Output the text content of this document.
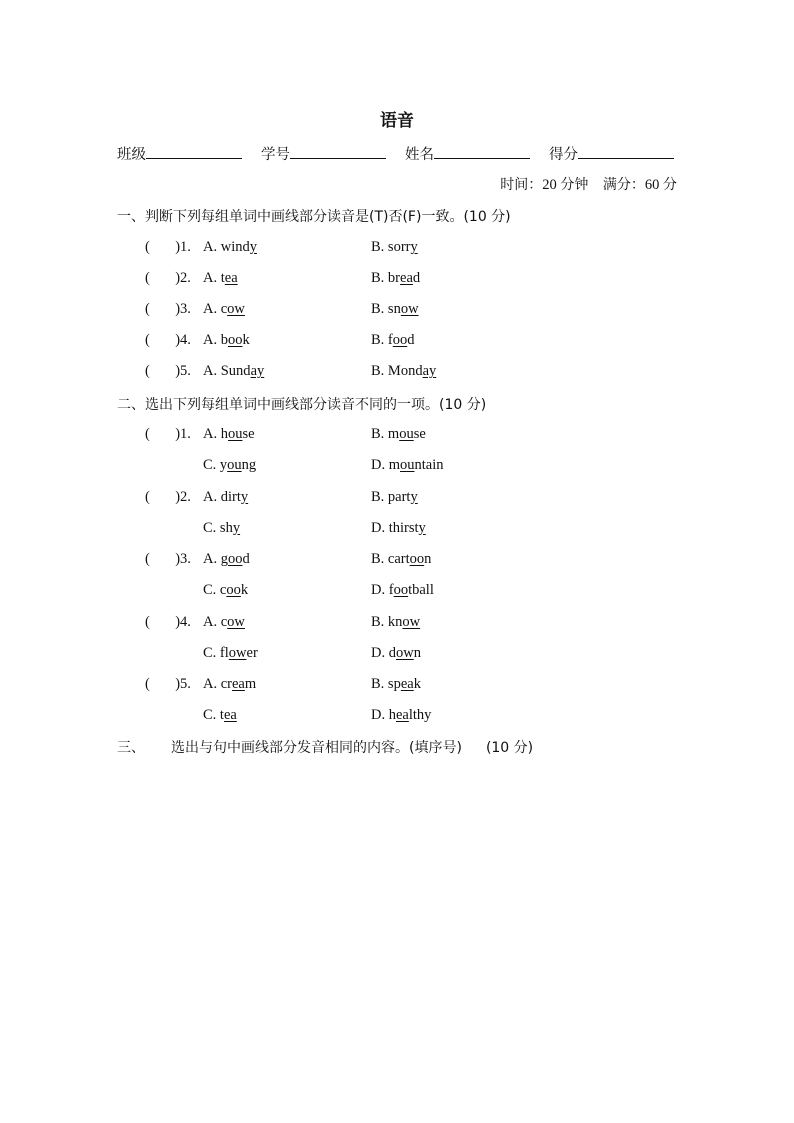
语音
班级	学号	姓名	得分
时间：20 分钟 满分：60 分
一、判断下列每组单词中画线部分读音是(T)否(F)一致。(10 分)
(       )1. A. windy	B. sorry
(       )2. A. tea	B. bread
(       )3. A. cow	B. snow
(       )4. A. book	B. food
(       )5. A. Sunday	B. Monday
二、选出下列每组单词中画线部分读音不同的一项。(10 分)
(       )1. A. house	B. mouse
C. young	D. mountain
(       )2. A. dirty	B. party
C. shy	D. thirsty
(       )3. A. good	B. cartoon
C. cook	D. football
(       )4. A. cow	B. know
C. flower	D. down
(       )5. A. cream	B. speak
C. tea	D. healthy
三、 选出与句中画线部分发音相同的内容。(填序号) (10 分)
